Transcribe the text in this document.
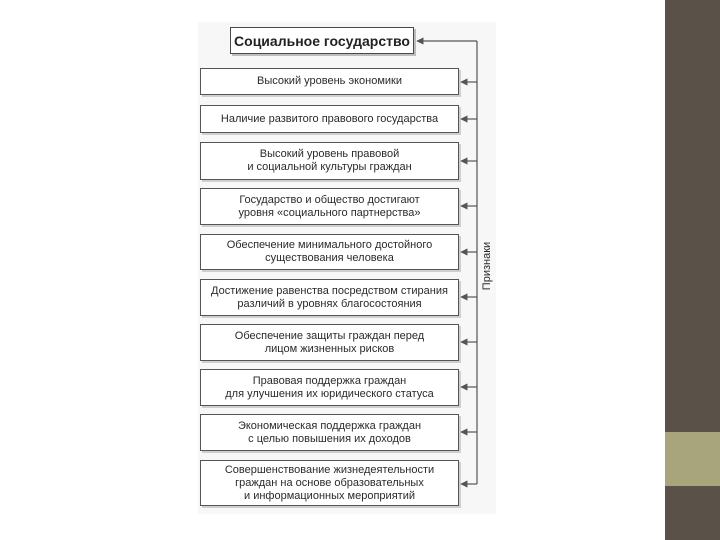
Социальное государство
Высокий уровень экономики
Наличие развитого правового государства
Высокий уровень правовой
и социальной культуры граждан
Государство и общество достигают
уровня «социального партнерства»
Обеспечение минимального достойного
существования человека
Достижение равенства посредством стирания
различий в уровнях благосостояния
Обеспечение защиты граждан перед
лицом жизненных рисков
Правовая поддержка граждан
для улучшения их юридического статуса
Экономическая поддержка граждан
с целью повышения их доходов
Совершенствование жизнедеятельности
граждан на основе образовательных
и информационных мероприятий
Признаки
